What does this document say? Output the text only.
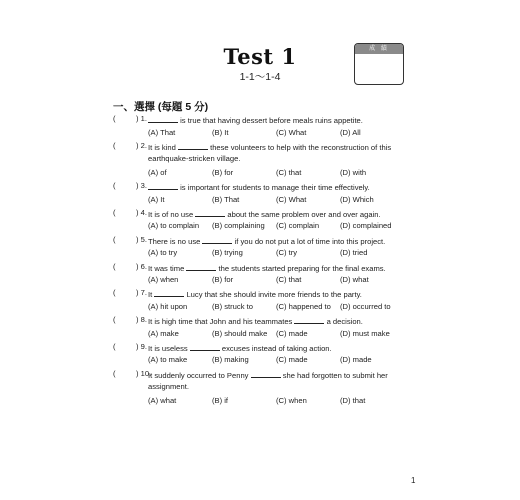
Test 1
1-1～1-4
成 績
一、選擇 (每題 5 分)
(	) 1.	is true that having dessert before meals ruins appetite.
(A) That	(B) It	(C) What	(D) All
(	) 2. It is kind	these volunteers to help with the reconstruction of this
earthquake-stricken village.
(A) of	(B) for	(C) that	(D) with
(	) 3.	is important for students to manage their time effectively.
(A) It	(B) That	(C) What	(D) Which
(	) 4. It is of no use	about the same problem over and over again.
(A) to complain (B) complaining (C) complain	(D) complained
(	) 5. There is no use	if you do not put a lot of time into this project.
(A) to try	(B) trying	(C) try	(D) tried
(	) 6. It was time	the students started preparing for the final exams.
(A) when	(B) for	(C) that	(D) what
(	) 7. It	Lucy that she should invite more friends to the party.
(A) hit upon	(B) struck to	(C) happened to (D) occurred to
(	) 8. It is high time that John and his teammates	a decision.
(A) make	(B) should make (C) made	(D) must make
(	) 9. It is useless	excuses instead of taking action.
(A) to make	(B) making	(C) made	(D) made
(	) 10.
It suddenly occurred to Penny	she had forgotten to submit her
assignment.
(A) what	(B) if	(C) when	(D) that
1
